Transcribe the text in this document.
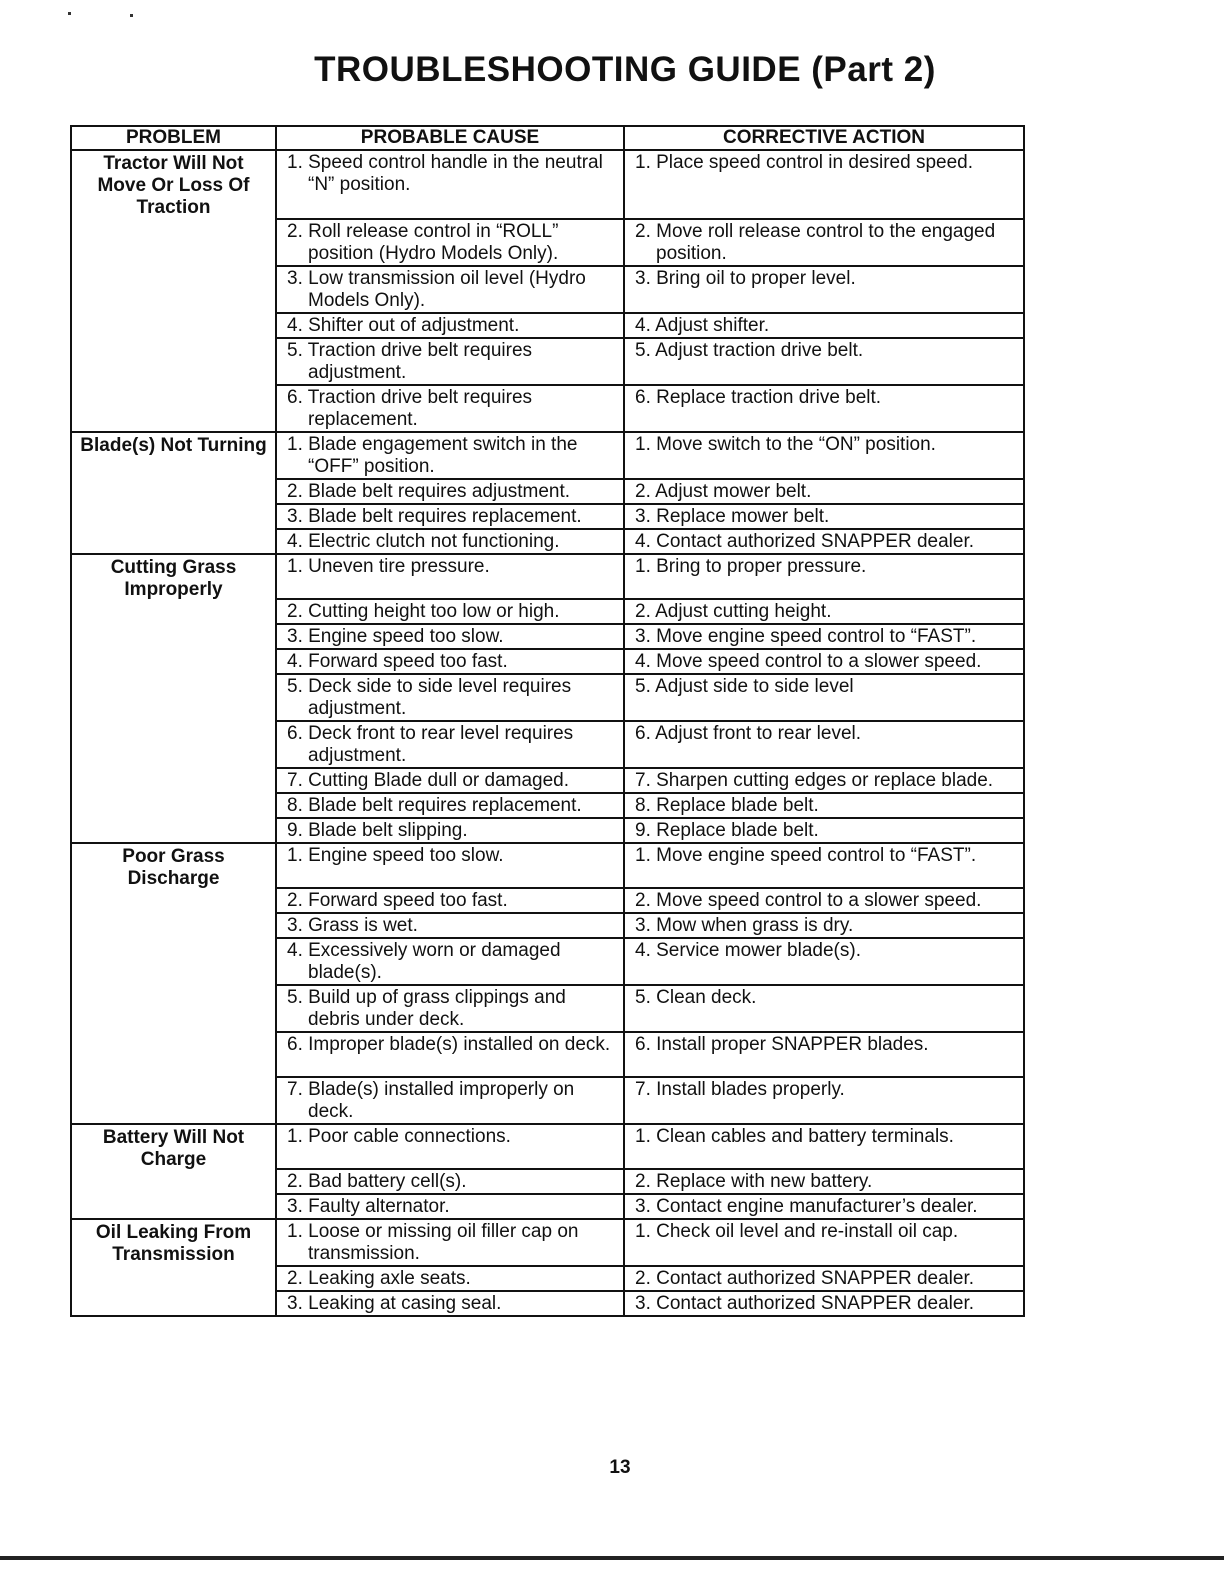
TROUBLESHOOTING GUIDE (Part 2)
PROBLEM	PROBABLE CAUSE	CORRECTIVE ACTION
Tractor Will Not Move Or Loss Of Traction	1. Speed control handle in the neutral “N” position.	1. Place speed control in desired speed.

	2. Roll release control in “ROLL” position (Hydro Models Only).	2. Move roll release control to the engaged position.

	3. Low transmission oil level (Hydro Models Only).	3. Bring oil to proper level.

	4. Shifter out of adjustment.	4. Adjust shifter.

	5. Traction drive belt requires adjustment.	5. Adjust traction drive belt.

	6. Traction drive belt requires replacement.	6. Replace traction drive belt.

Blade(s) Not Turning	1. Blade engagement switch in the “OFF” position.	1. Move switch to the “ON” position.

	2. Blade belt requires adjustment.	2. Adjust mower belt.

	3. Blade belt requires replacement.	3. Replace mower belt.

	4. Electric clutch not functioning.	4. Contact authorized SNAPPER dealer.

Cutting Grass Improperly	1. Uneven tire pressure.	1. Bring to proper pressure.

	2. Cutting height too low or high.	2. Adjust cutting height.

	3. Engine speed too slow.	3. Move engine speed control to “FAST”.

	4. Forward speed too fast.	4. Move speed control to a slower speed.

	5. Deck side to side level requires adjustment.	5. Adjust side to side level

	6. Deck front to rear level requires adjustment.	6. Adjust front to rear level.

	7. Cutting Blade dull or damaged.	7. Sharpen cutting edges or replace blade.

	8. Blade belt requires replacement.	8. Replace blade belt.

	9. Blade belt slipping.	9. Replace blade belt.

Poor Grass Discharge	1. Engine speed too slow.	1. Move engine speed control to “FAST”.

	2. Forward speed too fast.	2. Move speed control to a slower speed.

	3. Grass is wet.	3. Mow when grass is dry.

	4. Excessively worn or damaged blade(s).	4. Service mower blade(s).

	5. Build up of grass clippings and debris under deck.	5. Clean deck.

	6. Improper blade(s) installed on deck.	6. Install proper SNAPPER blades.

	7. Blade(s) installed improperly on deck.	7. Install blades properly.

Battery Will Not Charge	1. Poor cable connections.	1. Clean cables and battery terminals.

	2. Bad battery cell(s).	2. Replace with new battery.

	3. Faulty alternator.	3. Contact engine manufacturer’s dealer.

Oil Leaking From Transmission	1. Loose or missing oil filler cap on transmission.	1. Check oil level and re-install oil cap.

	2. Leaking axle seats.	2. Contact authorized SNAPPER dealer.

	3. Leaking at casing seal.	3. Contact authorized SNAPPER dealer.
13
